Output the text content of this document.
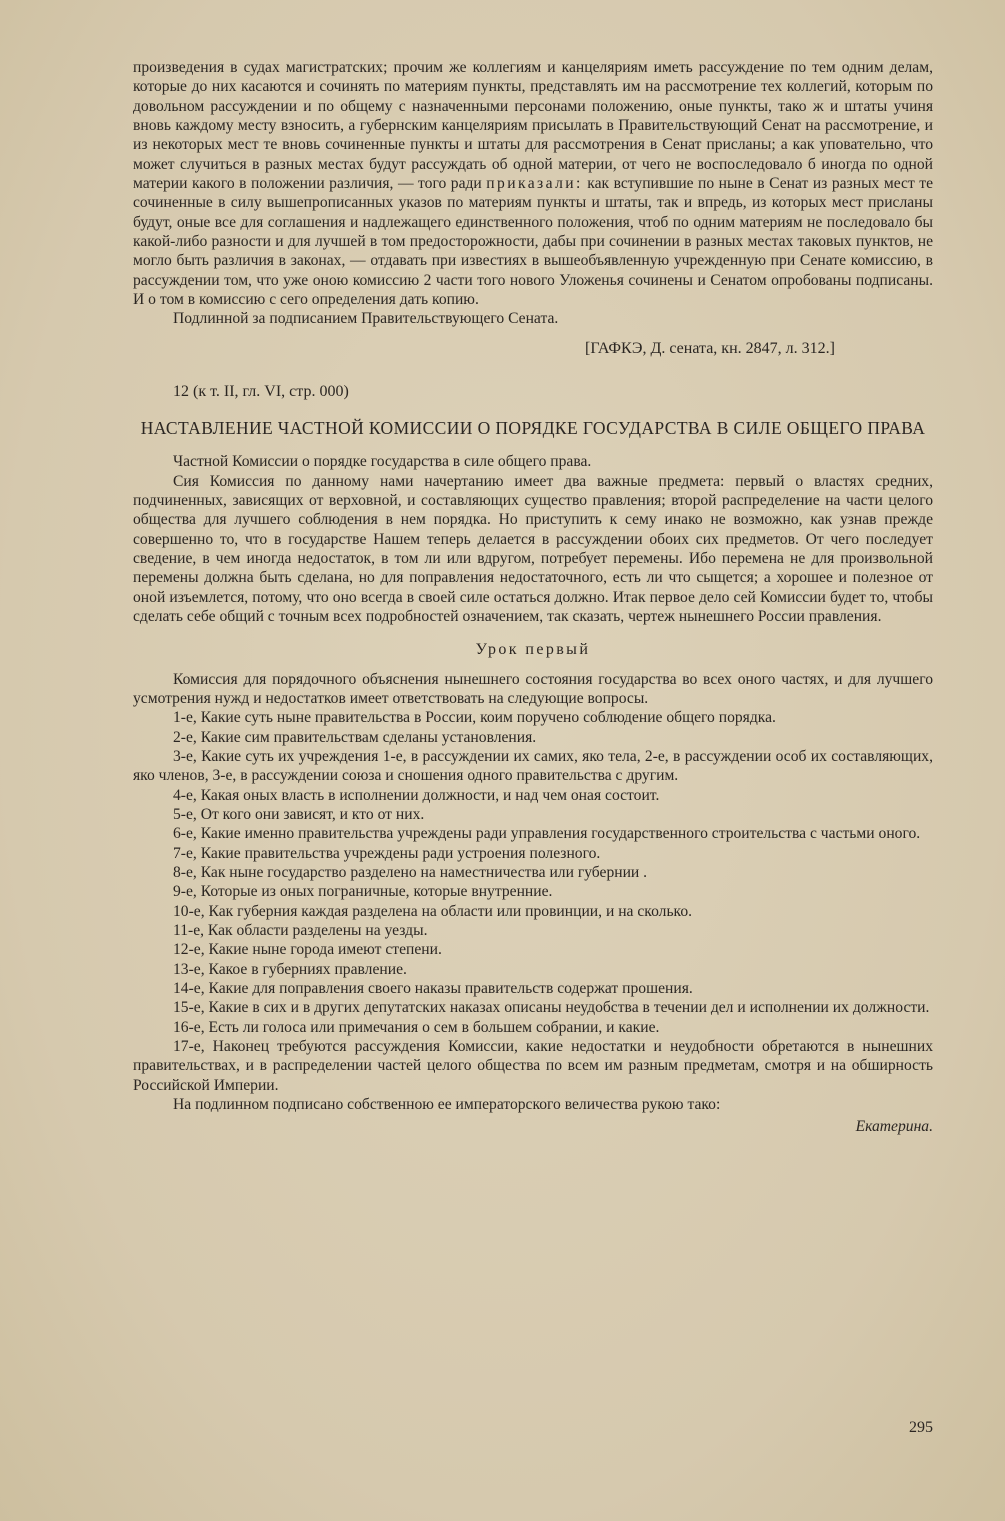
произведения в судах магистратских; прочим же коллегиям и канцеляриям иметь рассуждение по тем одним делам, которые до них касаются и сочинять по материям пункты, представлять им на рассмотрение тех коллегий, которым по довольном рассуждении и по общему с назначенными персонами положению, оные пункты, тако ж и штаты учиня вновь каждому месту взносить, а губернским канцеляриям присылать в Правительствующий Сенат на рассмотрение, и из некоторых мест те вновь сочиненные пункты и штаты для рассмотрения в Сенат присланы; а как уповательно, что может случиться в разных местах будут рассуждать об одной материи, от чего не воспоследовало б иногда по одной материи какого в положении различия, — того ради приказали: как вступившие по ныне в Сенат из разных мест те сочиненные в силу вышепрописанных указов по материям пункты и штаты, так и впредь, из которых мест присланы будут, оные все для соглашения и надлежащего единственного положения, чтоб по одним материям не последовало бы какой-либо разности и для лучшей в том предосторожности, дабы при сочинении в разных местах таковых пунктов, не могло быть различия в законах, — отдавать при известиях в вышеобъявленную учрежденную при Сенате комиссию, в рассуждении том, что уже оною комиссию 2 части того нового Уложенья сочинены и Сенатом опробованы подписаны. И о том в комиссию с сего определения дать копию.

Подлинной за подписанием Правительствующего Сената.

[ГАФКЭ, Д. сената, кн. 2847, л. 312.]

12 (к т. II, гл. VI, стр. 000)

НАСТАВЛЕНИЕ ЧАСТНОЙ КОМИССИИ О ПОРЯДКЕ ГОСУДАРСТВА В СИЛЕ ОБЩЕГО ПРАВА

Частной Комиссии о порядке государства в силе общего права.

Сия Комиссия по данному нами начертанию имеет два важные предмета: первый о властях средних, подчиненных, зависящих от верховной, и составляющих существо правления; второй распределение на части целого общества для лучшего соблюдения в нем порядка. Но приступить к сему инако не возможно, как узнав прежде совершенно то, что в государстве Нашем теперь делается в рассуждении обоих сих предметов. От чего последует сведение, в чем иногда недостаток, в том ли или вдругом, потребует перемены. Ибо перемена не для произвольной перемены должна быть сделана, но для поправления недостаточного, есть ли что сыщется; а хорошее и полезное от оной изъемлется, потому, что оно всегда в своей силе остаться должно. Итак первое дело сей Комиссии будет то, чтобы сделать себе общий с точным всех подробностей означением, так сказать, чертеж нынешнего России правления.

Урок первый

Комиссия для порядочного объяснения нынешнего состояния государства во всех оного частях, и для лучшего усмотрения нужд и недостатков имеет ответствовать на следующие вопросы.

1-е, Какие суть ныне правительства в России, коим поручено соблюдение общего порядка.

2-е, Какие сим правительствам сделаны установления.

3-е, Какие суть их учреждения 1-е, в рассуждении их самих, яко тела, 2-е, в рассуждении особ их составляющих, яко членов, 3-е, в рассуждении союза и сношения одного правительства с другим.

4-е, Какая оных власть в исполнении должности, и над чем оная состоит.

5-е, От кого они зависят, и кто от них.

6-е, Какие именно правительства учреждены ради управления государственного строительства с частьми оного.

7-е, Какие правительства учреждены ради устроения полезного.

8-е, Как ныне государство разделено на наместничества или губернии .

9-е, Которые из оных пограничные, которые внутренние.

10-е, Как губерния каждая разделена на области или провинции, и на сколько.

11-е, Как области разделены на уезды.

12-е, Какие ныне города имеют степени.

13-е, Какое в губерниях правление.

14-е, Какие для поправления своего наказы правительств содержат прошения.

15-е, Какие в сих и в других депутатских наказах описаны неудобства в течении дел и исполнении их должности.

16-е, Есть ли голоса или примечания о сем в большем собрании, и какие.

17-е, Наконец требуются рассуждения Комиссии, какие недостатки и неудобности обретаются в нынешних правительствах, и в распределении частей целого общества по всем им разным предметам, смотря и на обширность Российской Империи.

На подлинном подписано собственною ее императорского величества рукою тако:

Екатерина.

295
